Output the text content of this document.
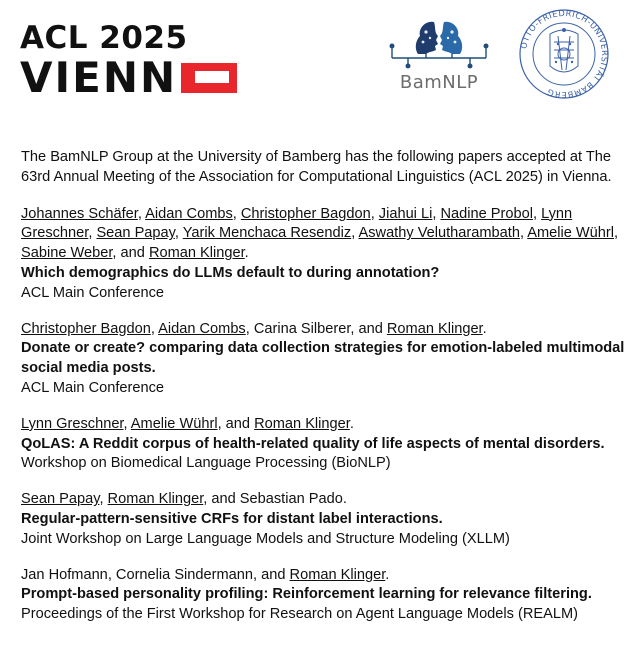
ACL 2025
VIENN	BamNLP
OTTO-FRIEDRICH-UNIVERSITÄT BAMBERG

The BamNLP Group at the University of Bamberg has the following papers accepted at The 63rd Annual Meeting of the Association for Computational Linguistics (ACL 2025) in Vienna.

Johannes Schäfer, Aidan Combs, Christopher Bagdon, Jiahui Li, Nadine Probol, Lynn Greschner, Sean Papay, Yarik Menchaca Resendiz, Aswathy Velutharambath, Amelie Wührl, Sabine Weber, and Roman Klinger.
Which demographics do LLMs default to during annotation?
ACL Main Conference
Christopher Bagdon, Aidan Combs, Carina Silberer, and Roman Klinger.
Donate or create? comparing data collection strategies for emotion-labeled multimodal social media posts.
ACL Main Conference
Lynn Greschner, Amelie Wührl, and Roman Klinger.
QoLAS: A Reddit corpus of health-related quality of life aspects of mental disorders.
Workshop on Biomedical Language Processing (BioNLP)
Sean Papay, Roman Klinger, and Sebastian Pado.
Regular-pattern-sensitive CRFs for distant label interactions.
Joint Workshop on Large Language Models and Structure Modeling (XLLM)
Jan Hofmann, Cornelia Sindermann, and Roman Klinger.
Prompt-based personality profiling: Reinforcement learning for relevance filtering.
Proceedings of the First Workshop for Research on Agent Language Models (REALM)
